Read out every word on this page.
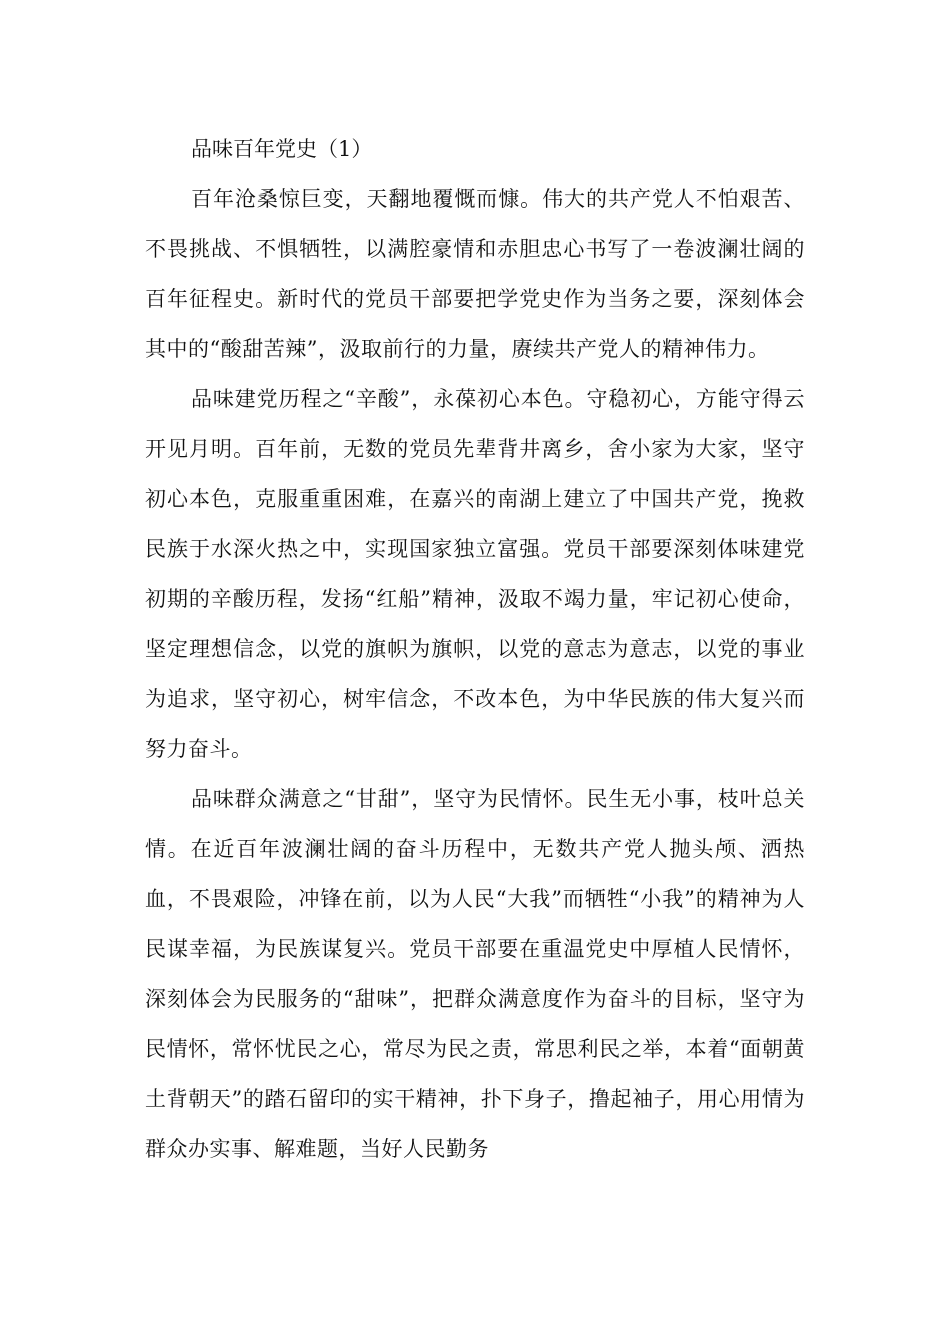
品味百年党史（1）

百年沧桑惊巨变，天翻地覆慨而慷。伟大的共产党人不怕艰苦、不畏挑战、不惧牺牲，以满腔豪情和赤胆忠心书写了一卷波澜壮阔的百年征程史。新时代的党员干部要把学党史作为当务之要，深刻体会其中的“酸甜苦辣”，汲取前行的力量，赓续共产党人的精神伟力。

品味建党历程之“辛酸”，永葆初心本色。守稳初心，方能守得云开见月明。百年前，无数的党员先辈背井离乡，舍小家为大家，坚守初心本色，克服重重困难，在嘉兴的南湖上建立了中国共产党，挽救民族于水深火热之中，实现国家独立富强。党员干部要深刻体味建党初期的辛酸历程，发扬“红船”精神，汲取不竭力量，牢记初心使命，坚定理想信念，以党的旗帜为旗帜，以党的意志为意志，以党的事业为追求，坚守初心，树牢信念，不改本色，为中华民族的伟大复兴而努力奋斗。

品味群众满意之“甘甜”，坚守为民情怀。民生无小事，枝叶总关情。在近百年波澜壮阔的奋斗历程中，无数共产党人抛头颅、洒热血，不畏艰险，冲锋在前，以为人民“大我”而牺牲“小我”的精神为人民谋幸福，为民族谋复兴。党员干部要在重温党史中厚植人民情怀，深刻体会为民服务的“甜味”，把群众满意度作为奋斗的目标，坚守为民情怀，常怀忧民之心，常尽为民之责，常思利民之举，本着“面朝黄土背朝天”的踏石留印的实干精神，扑下身子，撸起袖子，用心用情为群众办实事、解难题，当好人民勤务
